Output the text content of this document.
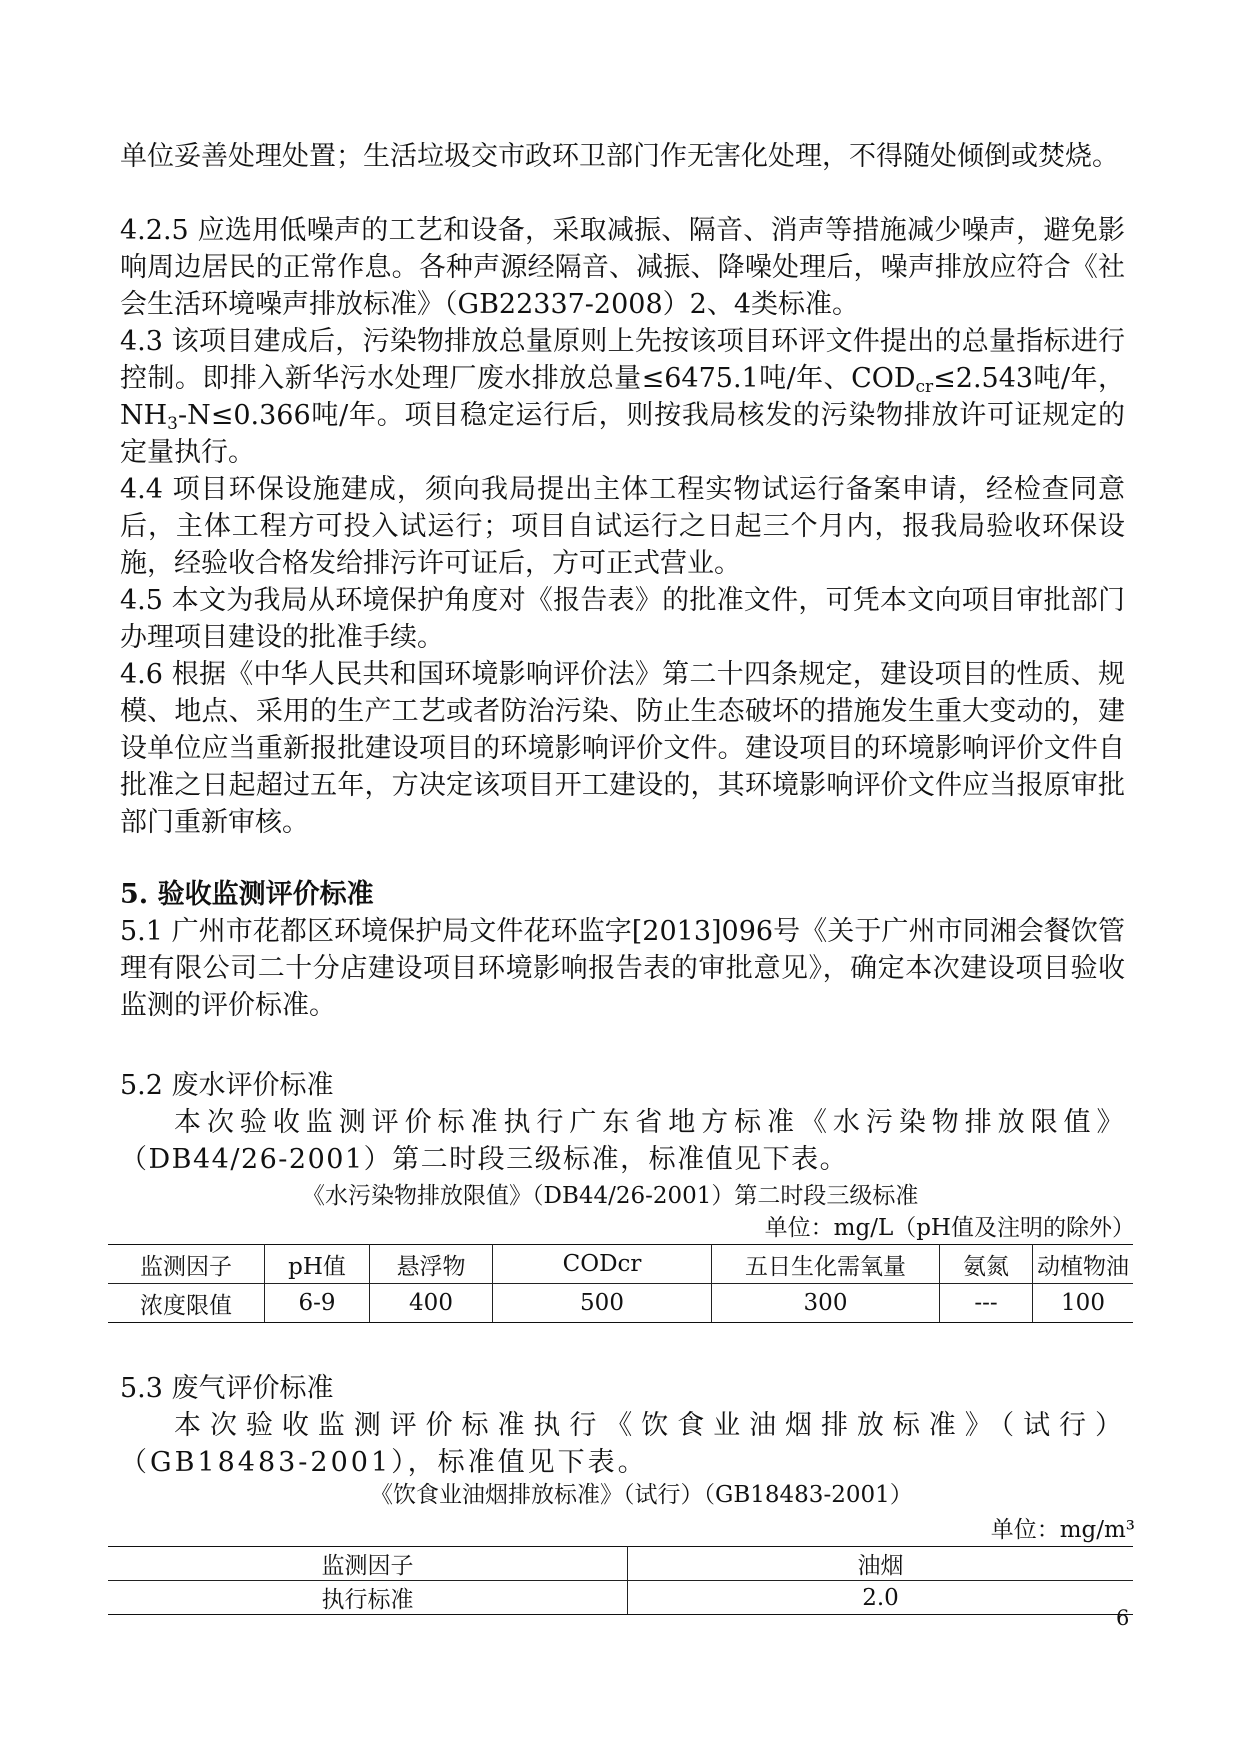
单位妥善处理处置；生活垃圾交市政环卫部门作无害化处理，不得随处倾倒或焚烧。

4.2.5 应选用低噪声的工艺和设备，采取减振、隔音、消声等措施减少噪声，避免影响周边居民的正常作息。各种声源经隔音、减振、降噪处理后，噪声排放应符合《社会生活环境噪声排放标准》（GB22337-2008）2、4类标准。

4.3 该项目建成后，污染物排放总量原则上先按该项目环评文件提出的总量指标进行控制。即排入新华污水处理厂废水排放总量≤6475.1吨/年、$COD_{cr}\le 2.543$吨/年，$NH_3-N\le 0.366$吨/年。项目稳定运行后，则按我局核发的污染物排放许可证规定的定量执行。

4.4 项目环保设施建成，须向我局提出主体工程实物试运行备案申请，经检查同意后，主体工程方可投入试运行；项目自试运行之日起三个月内，报我局验收环保设施，经验收合格发给排污许可证后，方可正式营业。

4.5 本文为我局从环境保护角度对《报告表》的批准文件，可凭本文向项目审批部门办理项目建设的批准手续。

4.6 根据《中华人民共和国环境影响评价法》第二十四条规定，建设项目的性质、规模、地点、采用的生产工艺或者防治污染、防止生态破坏的措施发生重大变动的，建设单位应当重新报批建设项目的环境影响评价文件。建设项目的环境影响评价文件自批准之日起超过五年，方决定该项目开工建设的，其环境影响评价文件应当报原审批部门重新审核。

5. 验收监测评价标准

5.1 广州市花都区环境保护局文件花环监字[2013]096号《关于广州市同湘会餐饮管理有限公司二十分店建设项目环境影响报告表的审批意见》，确定本次建设项目验收监测的评价标准。

5.2 废水评价标准

本次验收监测评价标准执行广东省地方标准《水污染物排放限值》（DB44/26-2001）第二时段三级标准，标准值见下表。

《水污染物排放限值》（DB44/26-2001）第二时段三级标准

单位：mg/L（pH值及注明的除外）

监测因子	pH值	悬浮物	CODcr	五日生化需氧量	氨氮	动植物油
浓度限值	6-9	400	500	300	---	100

5.3 废气评价标准

本次验收监测评价标准执行《饮食业油烟排放标准》（试行）（GB18483-2001），标准值见下表。

《饮食业油烟排放标准》（试行）（GB18483-2001）

单位：mg/m³

监测因子	油烟
执行标准	2.0
6
